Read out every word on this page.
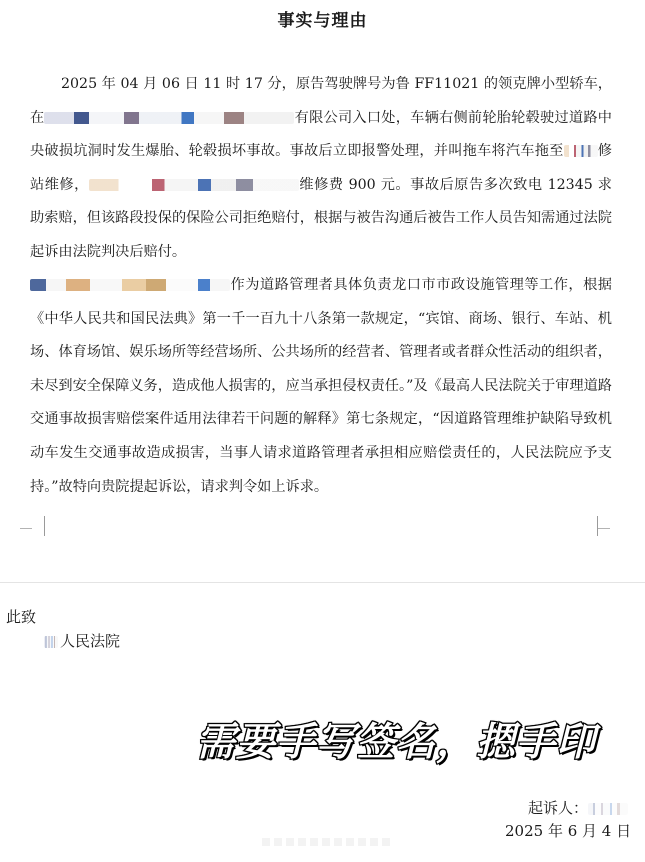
事实与理由

2025 年 04 月 06 日 11 时 17 分，原告驾驶牌号为鲁 FF11021 的领克牌小型轿车，在	有限公司入口处，车辆右侧前轮胎轮毂驶过道路中央破损坑洞时发生爆胎、轮毂损坏事故。事故后立即报警处理，并叫拖车将汽车拖至 修站维修，	维修费 900 元。事故后原告多次致电 12345 求助索赔，但该路段投保的保险公司拒绝赔付，根据与被告沟通后被告工作人员告知需通过法院起诉由法院判决后赔付。

作为道路管理者具体负责龙口市市政设施管理等工作，根据《中华人民共和国民法典》第一千一百九十八条第一款规定，“宾馆、商场、银行、车站、机场、体育场馆、娱乐场所等经营场所、公共场所的经营者、管理者或者群众性活动的组织者，未尽到安全保障义务，造成他人损害的，应当承担侵权责任。”及《最高人民法院关于审理道路交通事故损害赔偿案件适用法律若干问题的解释》第七条规定，“因道路管理维护缺陷导致机动车发生交通事故造成损害，当事人请求道路管理者承担相应赔偿责任的，人民法院应予支持。”故特向贵院提起诉讼，请求判令如上诉求。

此致
人民法院
需要手写签名，摁手印
起诉人：
2025 年 6 月 4 日
